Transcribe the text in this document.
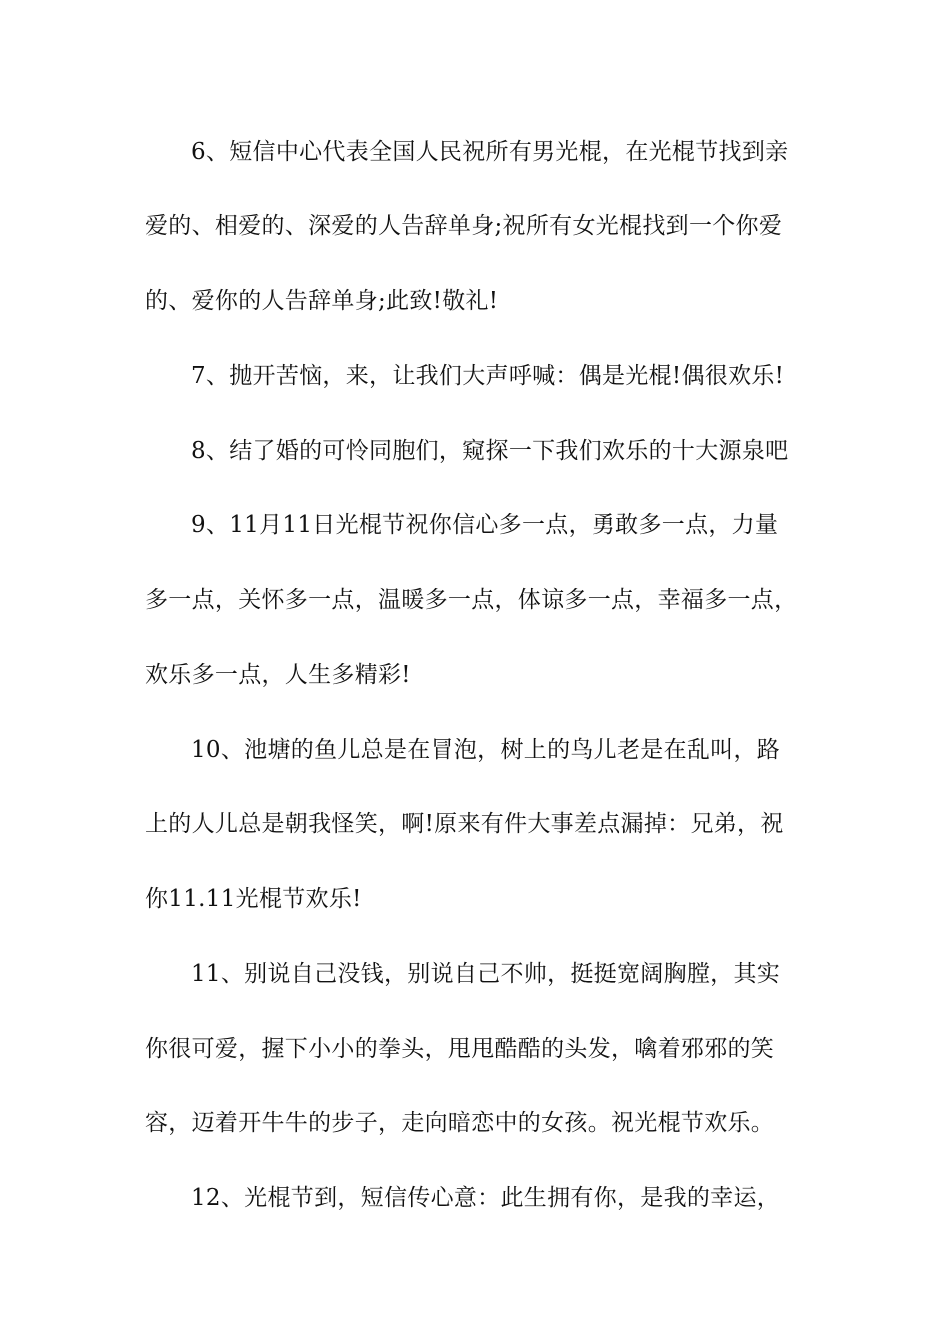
6、短信中心代表全国人民祝所有男光棍，在光棍节找到亲
爱的、相爱的、深爱的人告辞单身;祝所有女光棍找到一个你爱
的、爱你的人告辞单身;此致!敬礼!
7、抛开苦恼，来，让我们大声呼喊：偶是光棍!偶很欢乐!
8、结了婚的可怜同胞们，窥探一下我们欢乐的十大源泉吧
9、11月11日光棍节祝你信心多一点，勇敢多一点，力量
多一点，关怀多一点，温暖多一点，体谅多一点，幸福多一点，
欢乐多一点，人生多精彩!
10、池塘的鱼儿总是在冒泡，树上的鸟儿老是在乱叫，路
上的人儿总是朝我怪笑，啊!原来有件大事差点漏掉：兄弟，祝
你11.11光棍节欢乐!
11、别说自己没钱，别说自己不帅，挺挺宽阔胸膛，其实
你很可爱，握下小小的拳头，甩甩酷酷的头发，噙着邪邪的笑
容，迈着开牛牛的步子，走向暗恋中的女孩。祝光棍节欢乐。
12、光棍节到，短信传心意：此生拥有你，是我的幸运，
